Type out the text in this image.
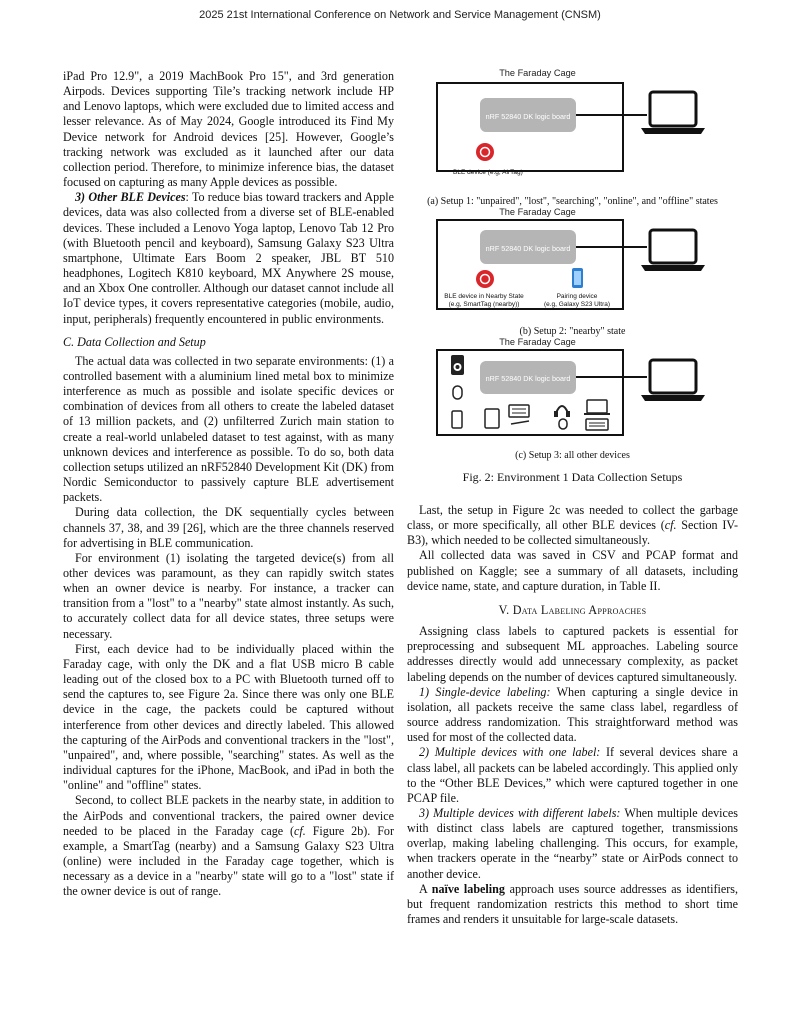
2025 21st International Conference on Network and Service Management (CNSM)

iPad Pro 12.9", a 2019 MachBook Pro 15", and 3rd generation Airpods. Devices supporting Tile’s tracking network include HP and Lenovo laptops, which were excluded due to limited access and lesser relevance. As of May 2024, Google introduced its Find My Device network for Android devices [25]. However, Google’s tracking network was excluded as it launched after our data collection period. Therefore, to minimize inference bias, the dataset focused on capturing as many Apple devices as possible.

3) Other BLE Devices: To reduce bias toward trackers and Apple devices, data was also collected from a diverse set of BLE-enabled devices. These included a Lenovo Yoga laptop, Lenovo Tab 12 Pro (with Bluetooth pencil and keyboard), Samsung Galaxy S23 Ultra smartphone, Ultimate Ears Boom 2 speaker, JBL BT 510 headphones, Logitech K810 keyboard, MX Anywhere 2S mouse, and an Xbox One controller. Although our dataset cannot include all IoT device types, it covers representative categories (mobile, audio, input, peripherals) frequently encountered in public environments.

C. Data Collection and Setup

The actual data was collected in two separate environments: (1) a controlled basement with a aluminium lined metal box to minimize interference as much as possible and isolate specific devices or combination of devices from all others to create the labeled dataset of 13 million packets, and (2) unfilterred Zurich main station to create a real-world unlabeled dataset to test against, with as many unknown devices and interference as possible. To do so, both data collection setups utilized an nRF52840 Development Kit (DK) from Nordic Semiconductor to passively capture BLE advertisement packets.

During data collection, the DK sequentially cycles between channels 37, 38, and 39 [26], which are the three channels reserved for advertising in BLE communication.

For environment (1) isolating the targeted device(s) from all other devices was paramount, as they can rapidly switch states when an owner device is nearby. For instance, a tracker can transition from a "lost" to a "nearby" state almost instantly. As such, to accurately collect data for all device states, three setups were necessary.

First, each device had to be individually placed within the Faraday cage, with only the DK and a flat USB micro B cable leading out of the closed box to a PC with Bluetooth turned off to send the captures to, see Figure 2a. Since there was only one BLE device in the cage, the packets could be captured without interference from other devices and directly labeled. This allowed the capturing of the AirPods and conventional trackers in the "lost", "unpaired", and, where possible, "searching" states. As well as the individual captures for the iPhone, MacBook, and iPad in both the "online" and "offline" states.

Second, to collect BLE packets in the nearby state, in addition to the AirPods and conventional trackers, the paired owner device needed to be placed in the Faraday cage (cf. Figure 2b). For example, a SmartTag (nearby) and a Samsung Galaxy S23 Ultra (online) were included in the Faraday cage together, which is necessary as a device in a "nearby" state will go to a "lost" state if the owner device is out of range.

The Faraday Cage
nRF 52840 DK logic board
BLE device (e.g, AirTag)
(a) Setup 1: "unpaired", "lost", "searching", "online", and "offline" states
The Faraday Cage
nRF 52840 DK logic board
BLE device in Nearby State
(e.g, SmartTag (nearby))
Pairing device
(e.g, Galaxy S23 Ultra)
(b) Setup 2: "nearby" state
The Faraday Cage
nRF 52840 DK logic board
(c) Setup 3: all other devices
Fig. 2: Environment 1 Data Collection Setups

Last, the setup in Figure 2c was needed to collect the garbage class, or more specifically, all other BLE devices (cf. Section IV-B3), which needed to be collected simultaneously.

All collected data was saved in CSV and PCAP format and published on Kaggle; see a summary of all datasets, including device name, state, and capture duration, in Table II.

V. Data Labeling Approaches

Assigning class labels to captured packets is essential for preprocessing and subsequent ML approaches. Labeling source addresses directly would add unnecessary complexity, as packet labeling depends on the number of devices captured simultaneously.

1) Single-device labeling: When capturing a single device in isolation, all packets receive the same class label, regardless of source address randomization. This straightforward method was used for most of the collected data.

2) Multiple devices with one label: If several devices share a class label, all packets can be labeled accordingly. This applied only to the “Other BLE Devices,” which were captured together in one PCAP file.

3) Multiple devices with different labels: When multiple devices with distinct class labels are captured together, transmissions overlap, making labeling challenging. This occurs, for example, when trackers operate in the “nearby” state or AirPods connect to another device.

A naïve labeling approach uses source addresses as identifiers, but frequent randomization restricts this method to short time frames and renders it unsuitable for large-scale datasets.
